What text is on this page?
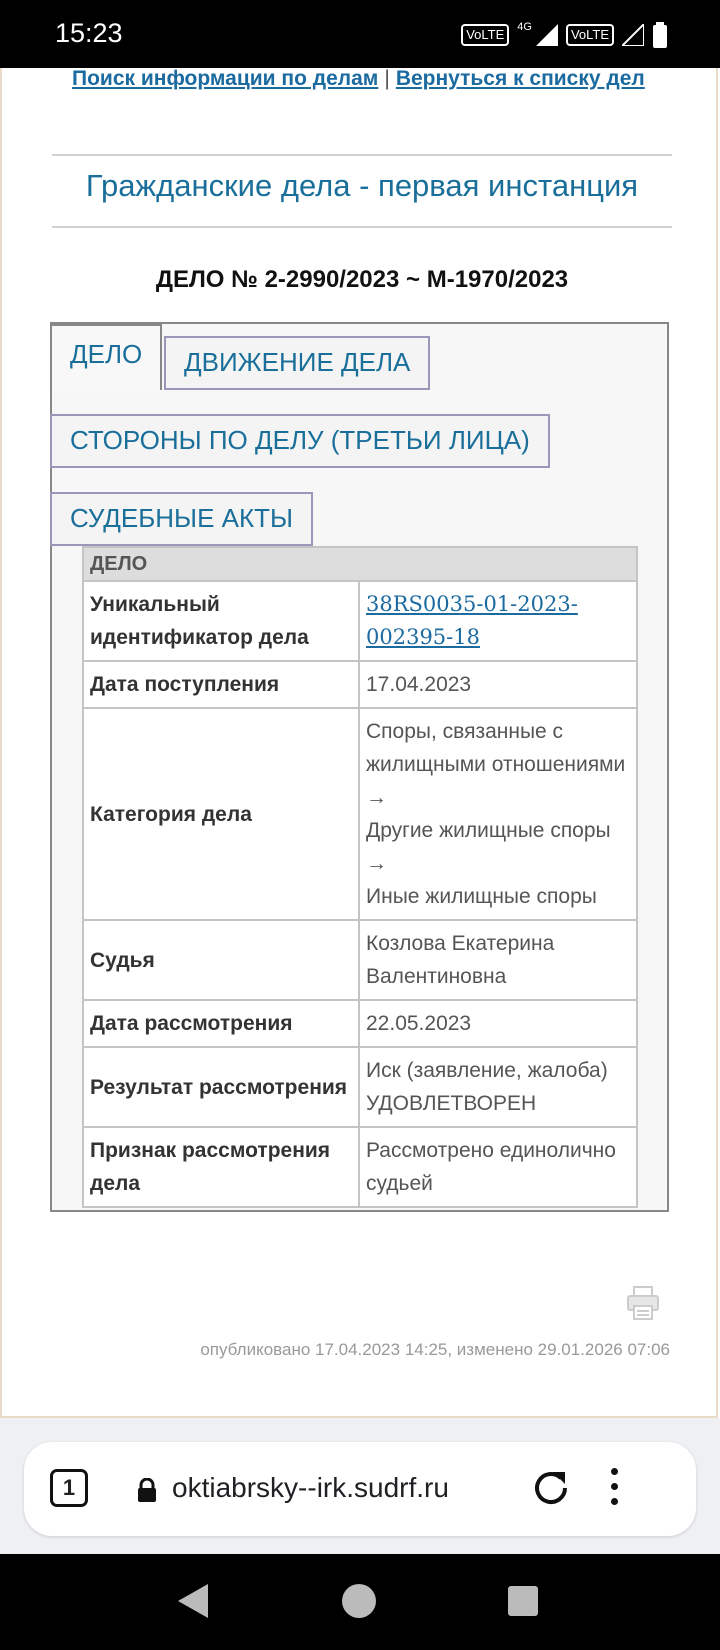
15:23	VoLTE	4G	VoLTE
Поиск информации по делам | Вернуться к списку дел
Гражданские дела - первая инстанция
ДЕЛО № 2-2990/2023 ~ М-1970/2023
ДЕЛО	ДВИЖЕНИЕ ДЕЛА
СТОРОНЫ ПО ДЕЛУ (ТРЕТЬИ ЛИЦА)
СУДЕБНЫЕ АКТЫ
ДЕЛО	
Уникальный идентификатор дела	38RS0035-01-2023-002395-18
Дата поступления	17.04.2023
Категория дела	Споры, связанные с жилищными отношениями →
Другие жилищные споры →
Иные жилищные споры

Судья	Козлова Екатерина Валентиновна
Дата рассмотрения	22.05.2023
Результат рассмотрения	Иск (заявление, жалоба) УДОВЛЕТВОРЕН
Признак рассмотрения дела	Рассмотрено единолично судьей
опубликовано 17.04.2023 14:25, изменено 29.01.2026 07:06
1	oktiabrsky--irk.sudrf.ru
